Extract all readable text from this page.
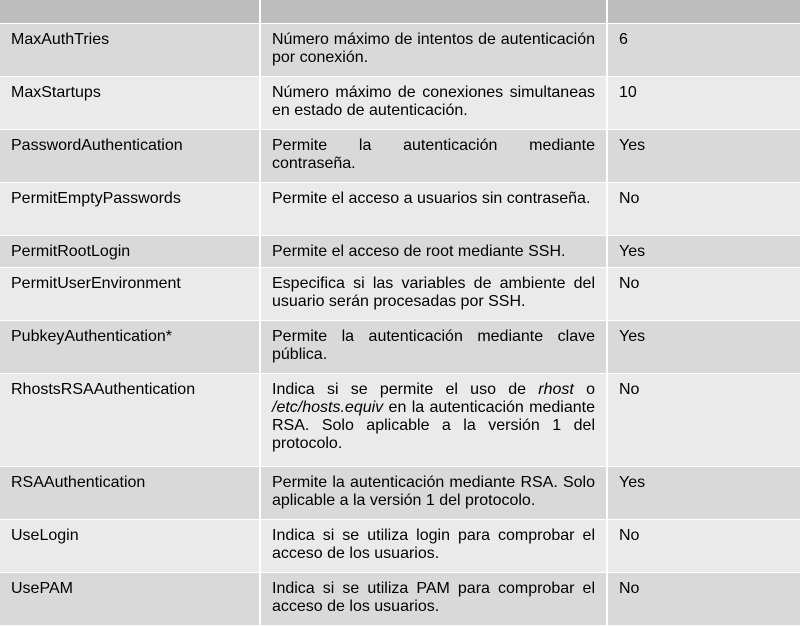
MaxAuthTries	Número máximo de intentos de autenticación por conexión.	6
MaxStartups	Número máximo de conexiones simultaneas en estado de autenticación.	10
PasswordAuthentication	Permite la autenticación mediante contraseña.	Yes
PermitEmptyPasswords	Permite el acceso a usuarios sin contraseña.	No
PermitRootLogin	Permite el acceso de root mediante SSH.	Yes
PermitUserEnvironment	Especifica si las variables de ambiente del usuario serán procesadas por SSH.	No
PubkeyAuthentication*	Permite la autenticación mediante clave pública.	Yes
RhostsRSAAuthentication	Indica si se permite el uso de rhost o /etc/hosts.equiv en la autenticación mediante RSA. Solo aplicable a la versión 1 del protocolo.	No
RSAAuthentication	Permite la autenticación mediante RSA. Solo aplicable a la versión 1 del protocolo.	Yes
UseLogin	Indica si se utiliza login para comprobar el acceso de los usuarios.	No
UsePAM	Indica si se utiliza PAM para comprobar el acceso de los usuarios.	No
